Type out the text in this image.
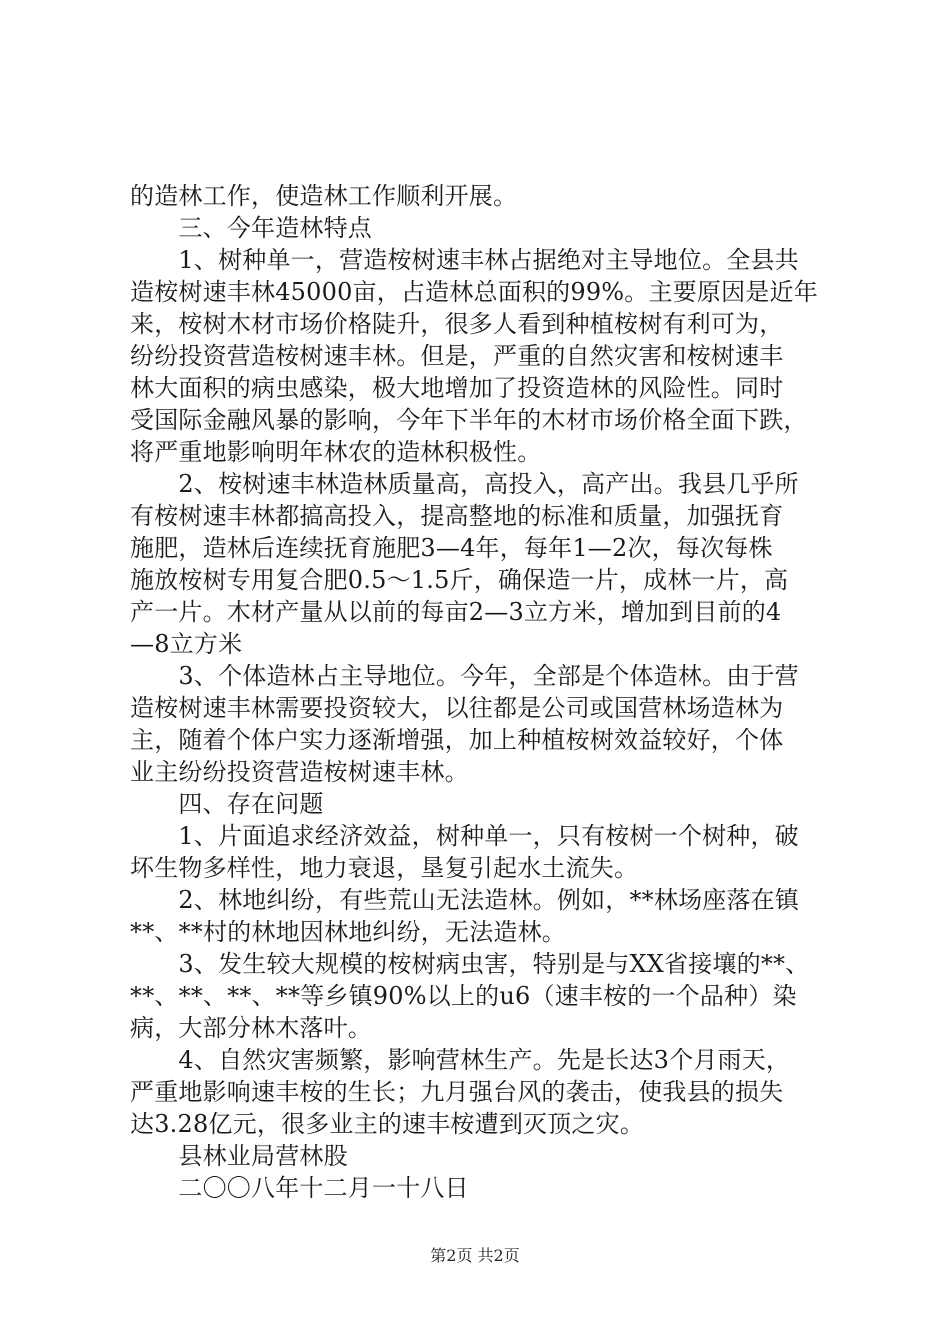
的造林工作，使造林工作顺利开展。
　　三、今年造林特点
　　1、树种单一，营造桉树速丰林占据绝对主导地位。全县共
造桉树速丰林45000亩，占造林总面积的99%。主要原因是近年
来，桉树木材市场价格陡升，很多人看到种植桉树有利可为，
纷纷投资营造桉树速丰林。但是，严重的自然灾害和桉树速丰
林大面积的病虫感染，极大地增加了投资造林的风险性。同时
受国际金融风暴的影响，今年下半年的木材市场价格全面下跌，
将严重地影响明年林农的造林积极性。
　　2、桉树速丰林造林质量高，高投入，高产出。我县几乎所
有桉树速丰林都搞高投入，提高整地的标准和质量，加强抚育
施肥，造林后连续抚育施肥3—4年，每年1—2次，每次每株
施放桉树专用复合肥0.5～1.5斤，确保造一片，成林一片，高
产一片。木材产量从以前的每亩2—3立方米，增加到目前的4
—8立方米
　　3、个体造林占主导地位。今年，全部是个体造林。由于营
造桉树速丰林需要投资较大，以往都是公司或国营林场造林为
主，随着个体户实力逐渐增强，加上种植桉树效益较好，个体
业主纷纷投资营造桉树速丰林。
　　四、存在问题
　　1、片面追求经济效益，树种单一，只有桉树一个树种，破
坏生物多样性，地力衰退，垦复引起水土流失。
　　2、林地纠纷，有些荒山无法造林。例如，**林场座落在镇
**、**村的林地因林地纠纷，无法造林。
　　3、发生较大规模的桉树病虫害，特别是与XX省接壤的**、
**、**、**、**等乡镇90%以上的u6（速丰桉的一个品种）染
病，大部分林木落叶。
　　4、自然灾害频繁，影响营林生产。先是长达3个月雨天，
严重地影响速丰桉的生长；九月强台风的袭击，使我县的损失
达3.28亿元，很多业主的速丰桉遭到灭顶之灾。
　　县林业局营林股
　　二〇〇八年十二月一十八日
第2页 共2页
